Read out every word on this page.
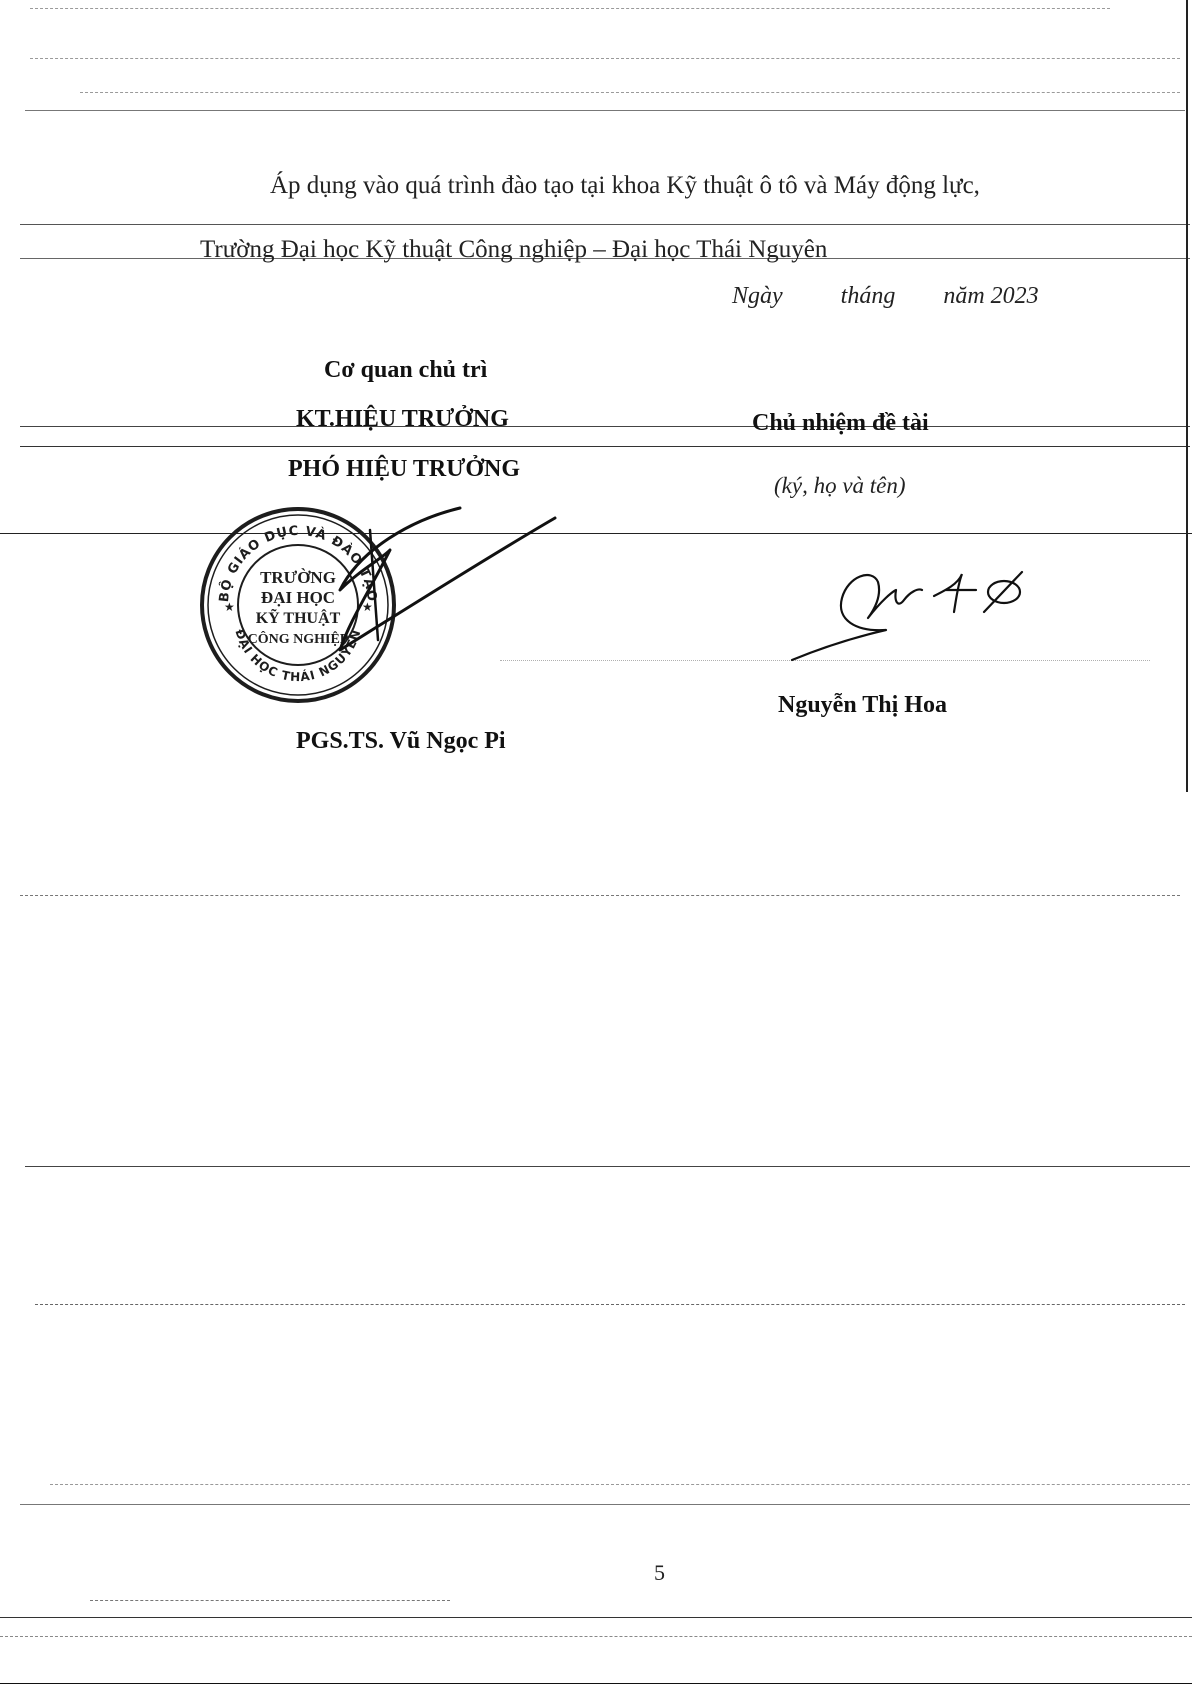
Áp dụng vào quá trình đào tạo tại khoa Kỹ thuật ô tô và Máy động lực,
Trường Đại học Kỹ thuật Công nghiệp – Đại học Thái Nguyên
Ngày tháng năm 2023
Cơ quan chủ trì
KT.HIỆU TRƯỞNG
PHÓ HIỆU TRƯỞNG
BỘ GIÁO DỤC VÀ ĐÀO TẠO
ĐẠI HỌC THÁI NGUYÊN
★	★
TRƯỜNG
ĐẠI HỌC
KỸ THUẬT
CÔNG NGHIỆP
PGS.TS. Vũ Ngọc Pi
Chủ nhiệm đề tài
(ký, họ và tên)
Nguyễn Thị Hoa
5
